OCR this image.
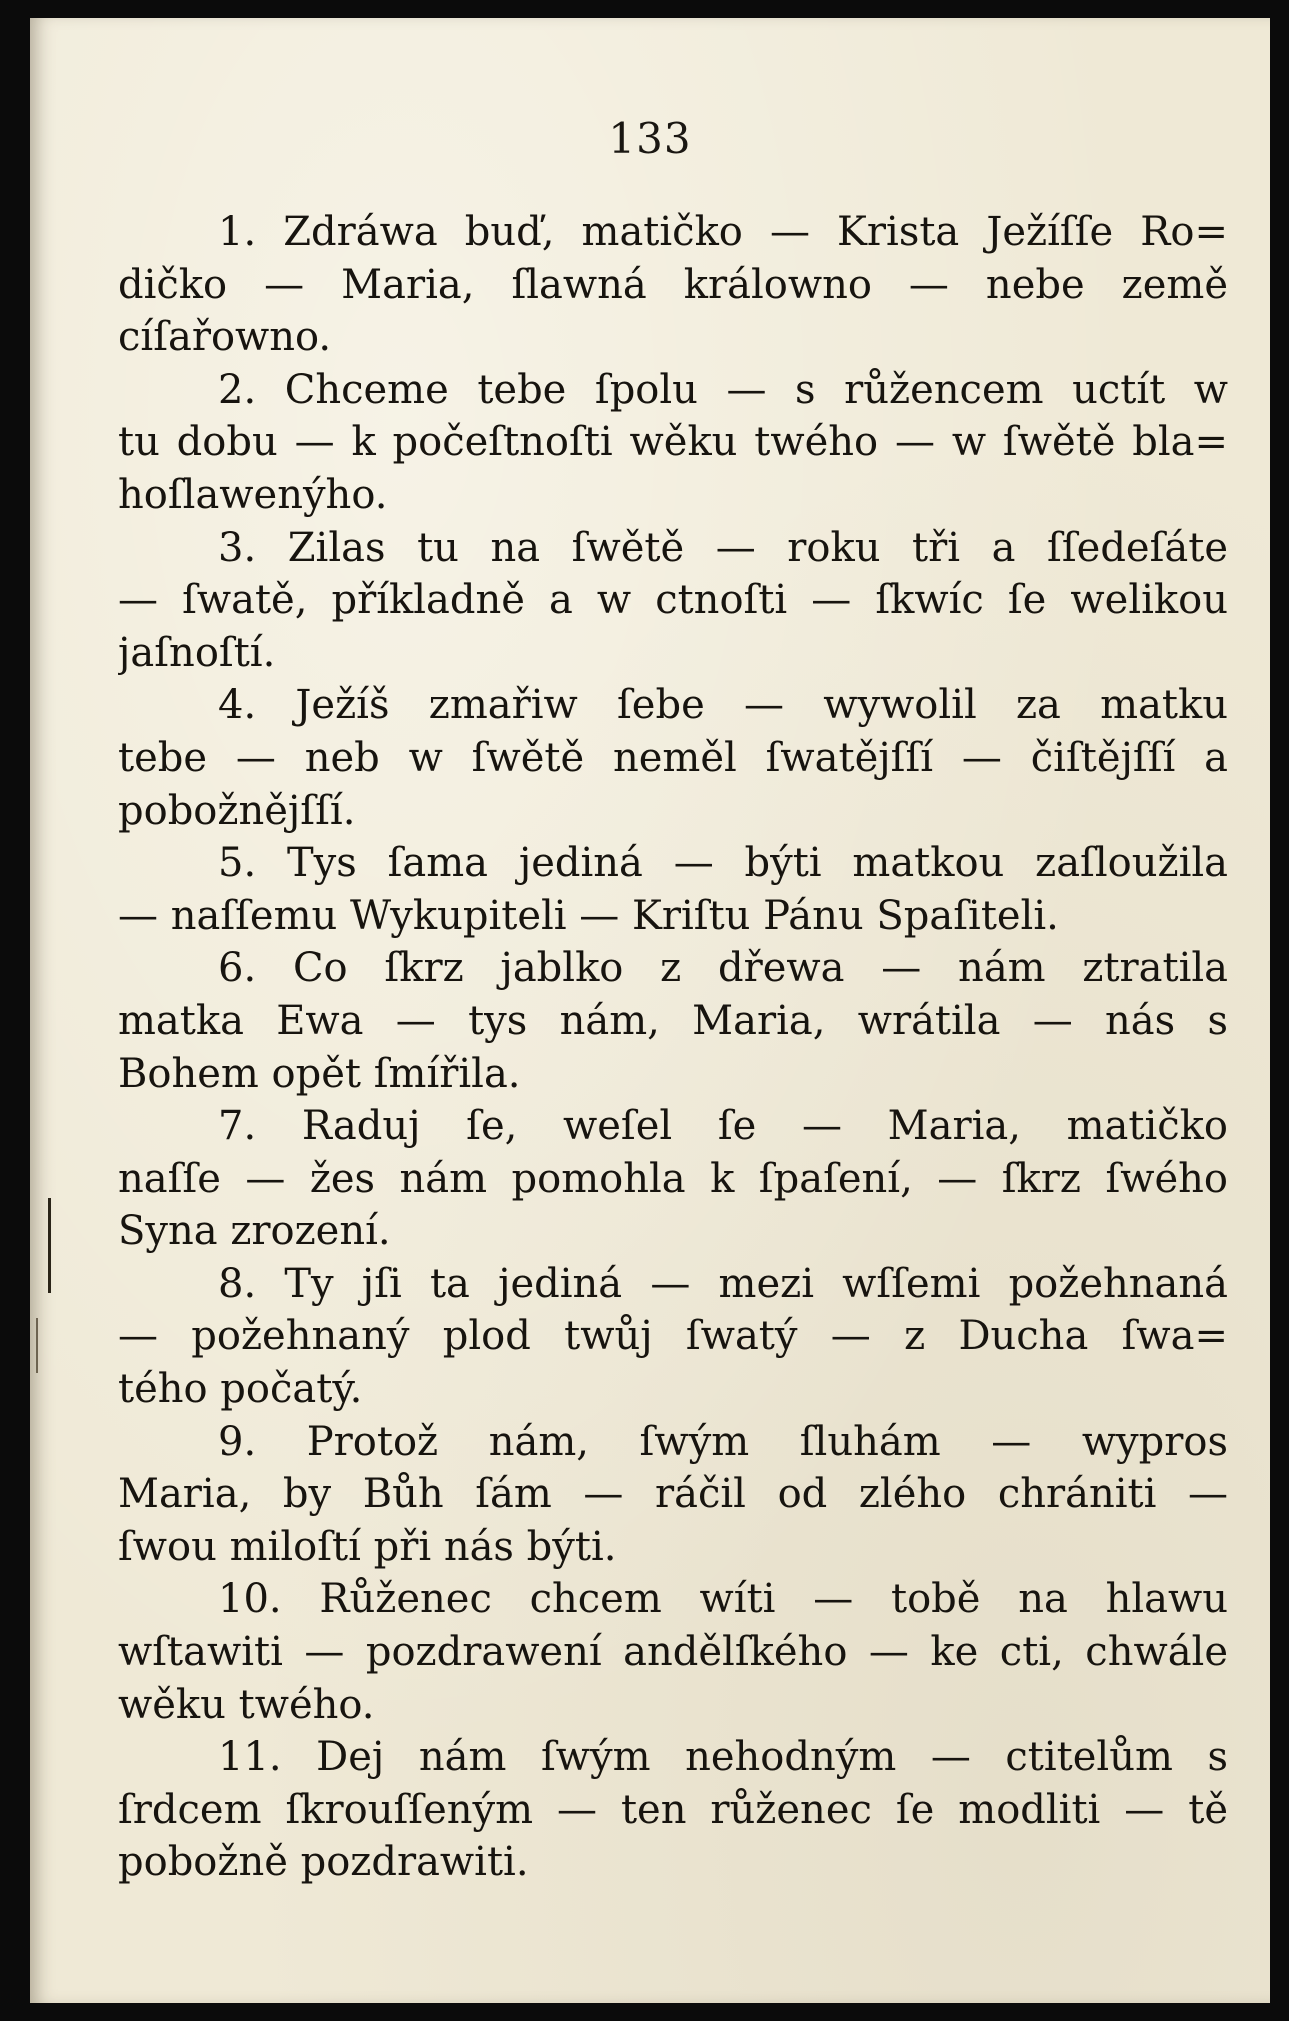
133
1. Zdráwa buď, matičko — Krista Ježíſſe Ro=
dičko — Maria, ſlawná králowno — nebe země
cíſařowno.
2. Chceme tebe ſpolu — s růžencem uctít w
tu dobu — k počeſtnoſti wěku twého — w ſwětě bla=
hoſlawenýho.
3. Zilas tu na ſwětě — roku tři a ſſedeſáte
— ſwatě, příkladně a w ctnoſti — ſkwíc ſe welikou
jaſnoſtí.
4. Ježíš zmařiw ſebe — wywolil za matku
tebe — neb w ſwětě neměl ſwatějſſí — čiſtějſſí a
pobožnějſſí.
5. Tys ſama jediná — býti matkou zaſloužila
— naſſemu Wykupiteli — Kriſtu Pánu Spaſiteli.
6. Co ſkrz jablko z dřewa — nám ztratila
matka Ewa — tys nám, Maria, wrátila — nás s
Bohem opět ſmířila.
7. Raduj ſe, weſel ſe — Maria, matičko
naſſe — žes nám pomohla k ſpaſení, — ſkrz ſwého
Syna zrození.
8. Ty jſi ta jediná — mezi wſſemi požehnaná
— požehnaný plod twůj ſwatý — z Ducha ſwa=
tého počatý.
9. Protož nám, ſwým ſluhám — wypros
Maria, by Bůh ſám — ráčil od zlého chrániti —
ſwou miloſtí při nás býti.
10. Růženec chcem wíti — tobě na hlawu
wſtawiti — pozdrawení andělſkého — ke cti, chwále
wěku twého.
11. Dej nám ſwým nehodným — ctitelům s
ſrdcem ſkrouſſeným — ten růženec ſe modliti — tě
pobožně pozdrawiti.
